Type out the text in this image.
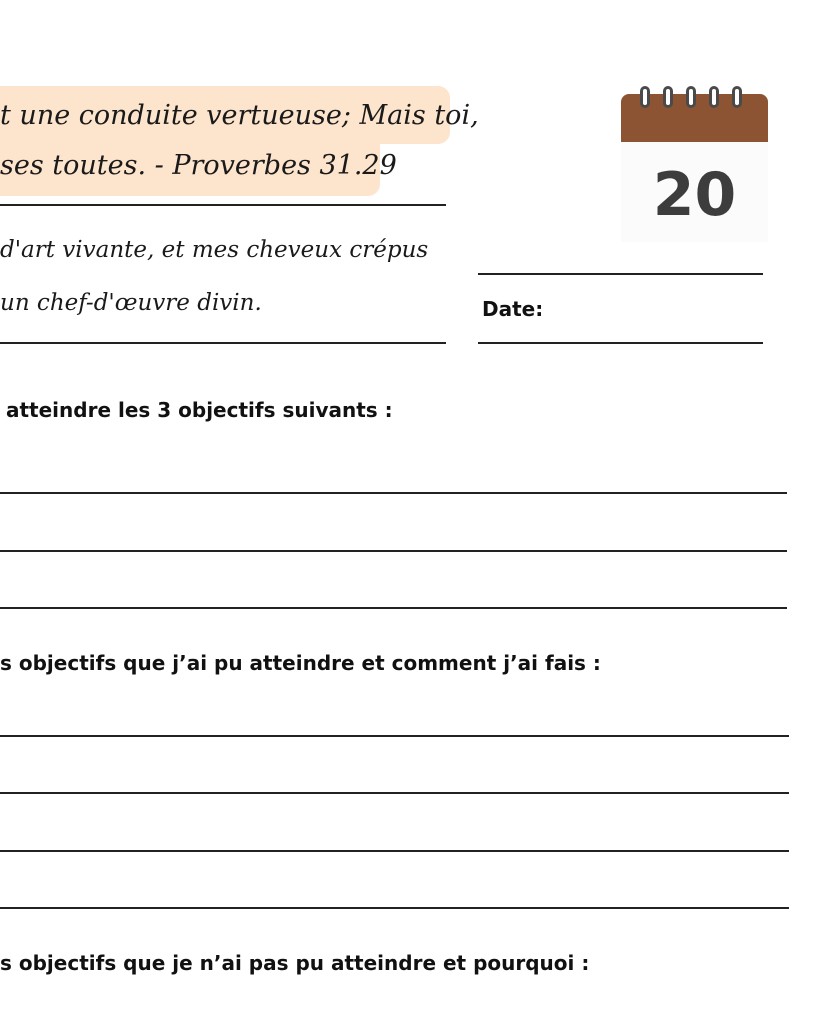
t une conduite vertueuse; Mais toi,
ses toutes. - Proverbes 31.29
d'art vivante, et mes cheveux crépus
un chef-d'œuvre divin.
20
Date:
atteindre les 3 objectifs suivants :
s objectifs que j’ai pu atteindre et comment j’ai fais :
s objectifs que je n’ai pas pu atteindre et pourquoi :
